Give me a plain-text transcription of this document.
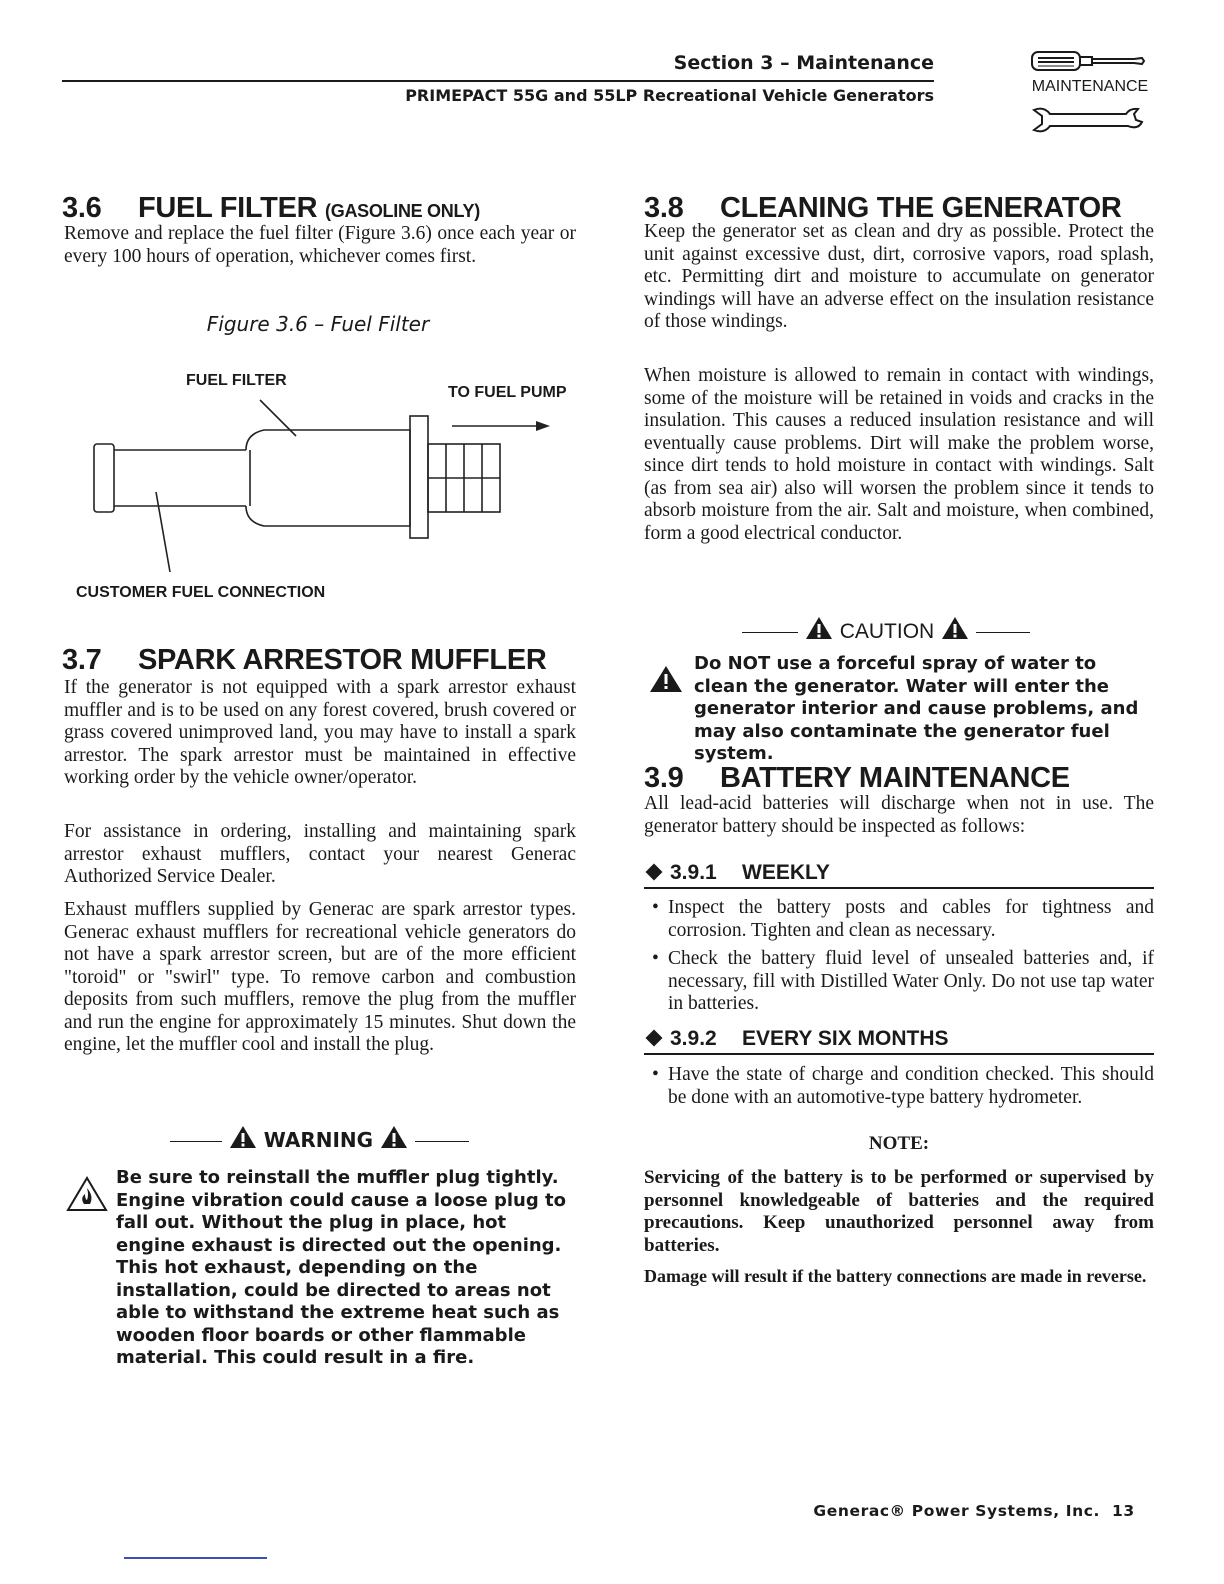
Section 3 – Maintenance
PRIMEPACT 55G and 55LP Recreational Vehicle Generators	MAINTENANCE
3.6 FUEL FILTER (GASOLINE ONLY)
Remove and replace the fuel filter (Figure 3.6) once each year or every 100 hours of operation, whichever comes first.
Figure 3.6 – Fuel Filter
FUEL FILTER
TO FUEL PUMP
CUSTOMER FUEL CONNECTION
3.7 SPARK ARRESTOR MUFFLER
If the generator is not equipped with a spark arrestor exhaust muffler and is to be used on any forest covered, brush covered or grass covered unimproved land, you may have to install a spark arrestor. The spark arrestor must be maintained in effective working order by the vehicle owner/operator.
For assistance in ordering, installing and maintaining spark arrestor exhaust mufflers, contact your nearest Generac Authorized Service Dealer.
Exhaust mufflers supplied by Generac are spark arrestor types. Generac exhaust mufflers for recreational vehicle generators do not have a spark arrestor screen, but are of the more efficient "toroid" or "swirl" type. To remove carbon and combustion deposits from such mufflers, remove the plug from the muffler and run the engine for approximately 15 minutes. Shut down the engine, let the muffler cool and install the plug.
WARNING
Be sure to reinstall the muffler plug tightly. Engine vibration could cause a loose plug to fall out. Without the plug in place, hot engine exhaust is directed out the opening. This hot exhaust, depending on the installation, could be directed to areas not able to withstand the extreme heat such as wooden floor boards or other flammable material. This could result in a fire.
3.8 CLEANING THE GENERATOR
Keep the generator set as clean and dry as possible. Protect the unit against excessive dust, dirt, corrosive vapors, road splash, etc. Permitting dirt and moisture to accumulate on generator windings will have an adverse effect on the insulation resistance of those windings.
When moisture is allowed to remain in contact with windings, some of the moisture will be retained in voids and cracks in the insulation. This causes a reduced insulation resistance and will eventually cause problems. Dirt will make the problem worse, since dirt tends to hold moisture in contact with windings. Salt (as from sea air) also will worsen the problem since it tends to absorb moisture from the air. Salt and moisture, when combined, form a good electrical conductor.
CAUTION
Do NOT use a forceful spray of water to clean the generator. Water will enter the generator interior and cause problems, and may also contaminate the generator fuel system.
3.9 BATTERY MAINTENANCE
All lead-acid batteries will discharge when not in use. The generator battery should be inspected as follows:
3.9.1 WEEKLY
• Inspect the battery posts and cables for tightness and corrosion. Tighten and clean as necessary.
• Check the battery fluid level of unsealed batteries and, if necessary, fill with Distilled Water Only. Do not use tap water in batteries.
3.9.2 EVERY SIX MONTHS
• Have the state of charge and condition checked. This should be done with an automotive-type battery hydrometer.
NOTE:
Servicing of the battery is to be performed or supervised by personnel knowledgeable of batteries and the required precautions. Keep unauthorized personnel away from batteries.
Damage will result if the battery connections are made in reverse.
Generac® Power Systems, Inc. 13
